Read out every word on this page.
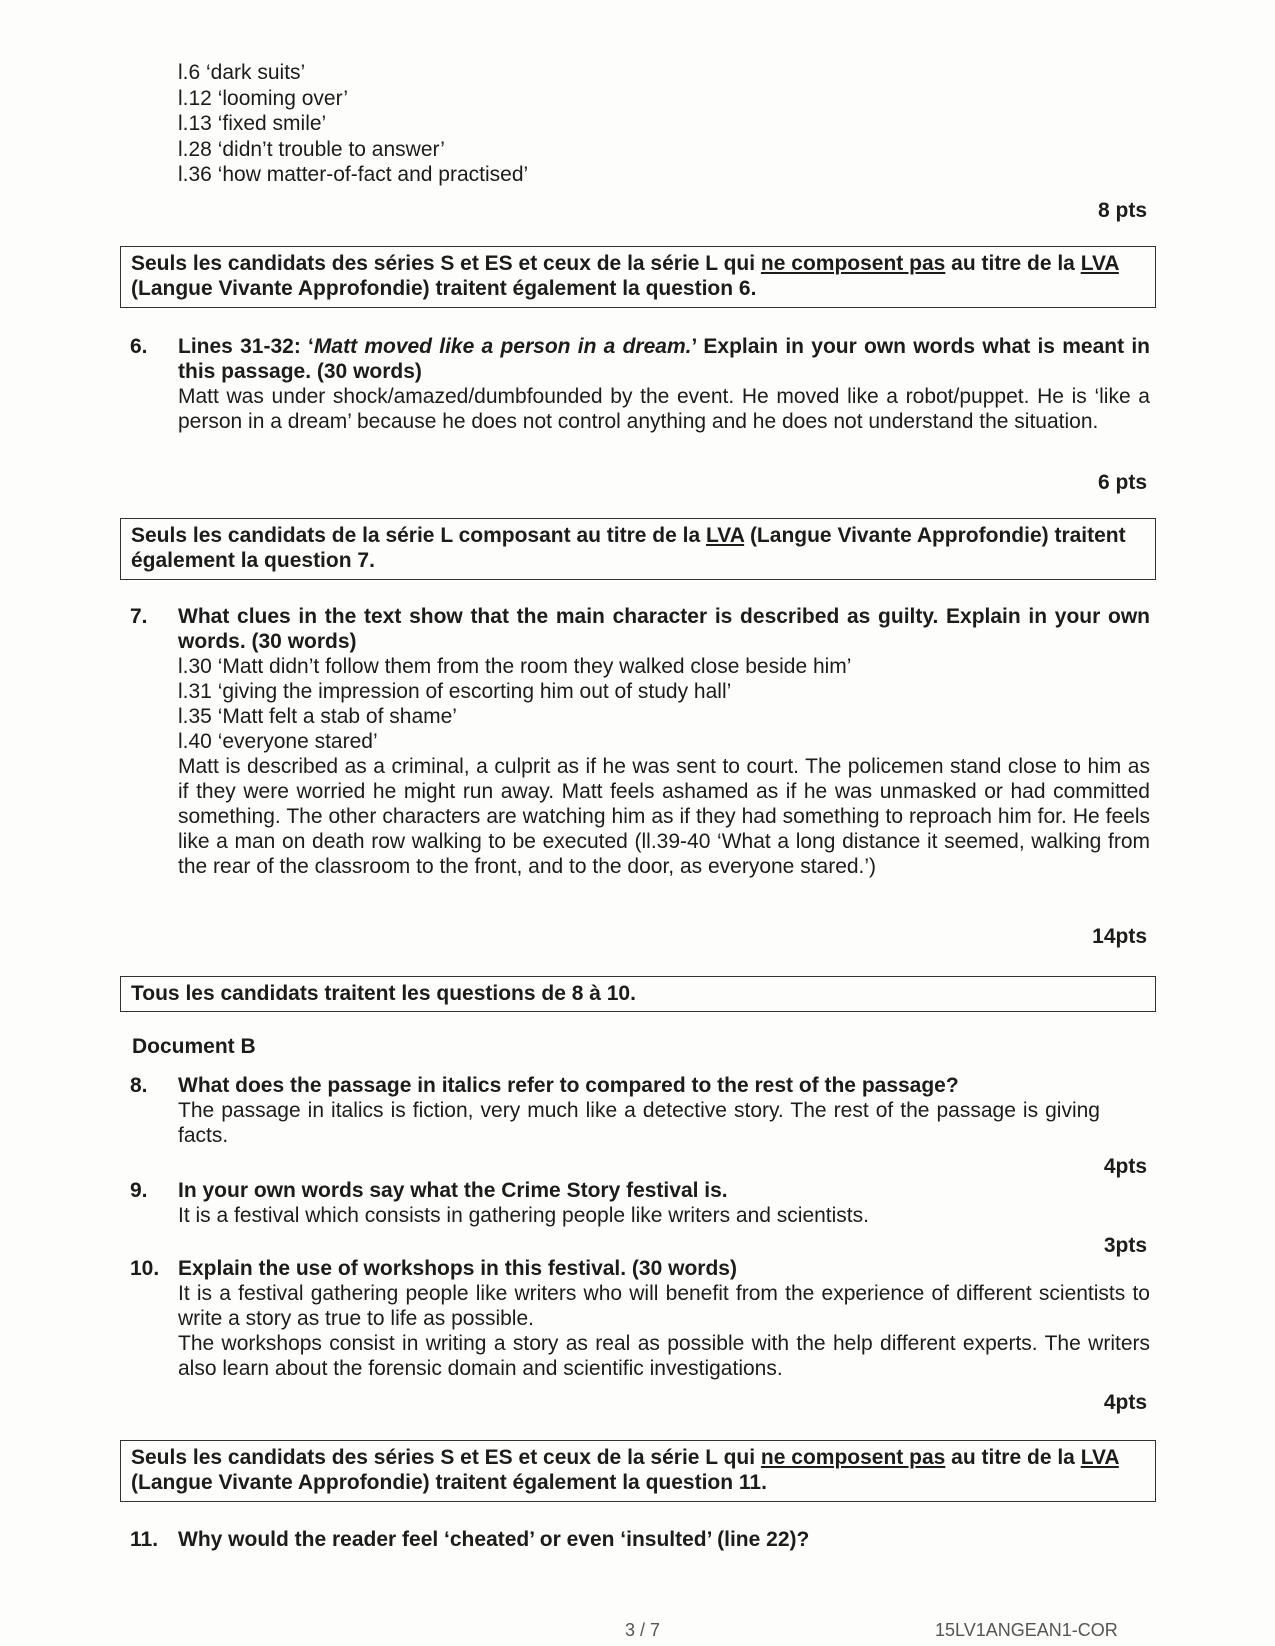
l.6 ‘dark suits’
l.12 ‘looming over’
l.13 ‘fixed smile’
l.28 ‘didn’t trouble to answer’
l.36 ‘how matter-of-fact and practised’
8 pts
Seuls les candidats des séries S et ES et ceux de la série L qui ne composent pas au titre de la LVA (Langue Vivante Approfondie) traitent également la question 6.
6. Lines 31-32: ‘Matt moved like a person in a dream.’ Explain in your own words what is meant in this passage. (30 words)
Matt was under shock/amazed/dumbfounded by the event. He moved like a robot/puppet. He is ‘like a person in a dream’ because he does not control anything and he does not understand the situation.
6 pts
Seuls les candidats de la série L composant au titre de la LVA (Langue Vivante Approfondie) traitent également la question 7.
7. What clues in the text show that the main character is described as guilty. Explain in your own words. (30 words)

l.30 ‘Matt didn’t follow them from the room they walked close beside him’

l.31 ‘giving the impression of escorting him out of study hall’

l.35 ‘Matt felt a stab of shame’

l.40 ‘everyone stared’

Matt is described as a criminal, a culprit as if he was sent to court. The policemen stand close to him as if they were worried he might run away. Matt feels ashamed as if he was unmasked or had committed something. The other characters are watching him as if they had something to reproach him for. He feels like a man on death row walking to be executed (ll.39-40 ‘What a long distance it seemed, walking from the rear of the classroom to the front, and to the door, as everyone stared.’)

14pts
Tous les candidats traitent les questions de 8 à 10.
Document B
8. What does the passage in italics refer to compared to the rest of the passage?
The passage in italics is fiction, very much like a detective story. The rest of the passage is giving facts.
4pts
9. In your own words say what the Crime Story festival is.
It is a festival which consists in gathering people like writers and scientists.
3pts
10. Explain the use of workshops in this festival. (30 words)

It is a festival gathering people like writers who will benefit from the experience of different scientists to write a story as true to life as possible.

The workshops consist in writing a story as real as possible with the help different experts. The writers also learn about the forensic domain and scientific investigations.

4pts
Seuls les candidats des séries S et ES et ceux de la série L qui ne composent pas au titre de la LVA (Langue Vivante Approfondie) traitent également la question 11.
11. Why would the reader feel ‘cheated’ or even ‘insulted’ (line 22)?
3 / 7	15LV1ANGEAN1-COR
